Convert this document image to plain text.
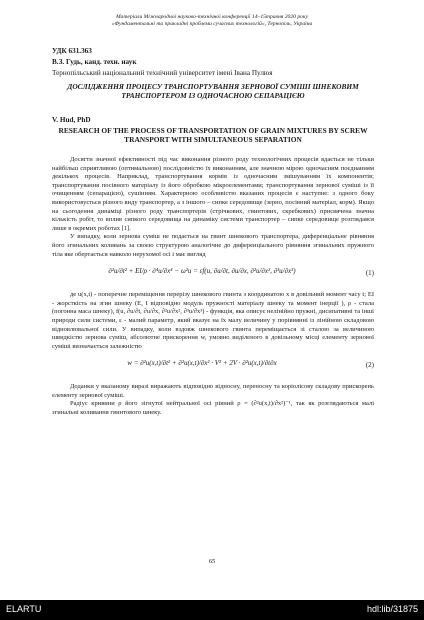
Матеріали Міжнародної науково-технічної конференції 14–15травня 2020 року
«Фундаментальні та прикладні проблеми сучасних технологій», Тернопіль, Україна
УДК 631.363
В.З. Гудь, канд. техн. наук
Тернопільський національний технічний університет імені Івана Пулюя
ДОСЛІДЖЕННЯ ПРОЦЕСУ ТРАНСПОРТУВАННЯ ЗЕРНОВОЇ СУМІШІ ШНЕКОВИМ ТРАНСПОРТЕРОМ ІЗ ОДНОЧАСНОЮ СЕПАРАЦІЄЮ
V. Hud, PhD
RESEARCH OF THE PROCESS OF TRANSPORTATION OF GRAIN MIXTURES BY SCREW TRANSPORT WITH SIMULTANEOUS SEPARATION

Досягти значної ефективності під час виконання різного роду технологічних процесів вдається не тільки найбільш сприятливою (оптимальною) послідовністю їх виконанням, але значною мірою одночасним поєднанням декількох процесів. Наприклад, транспортування кормів із одночасним змішуванням їх компонентів; транспортування посівного матеріалу із його обробкою мікроелементами; транспортування зернової суміші із її очищенням (сепарацією), сушінням. Характерною особливістю вказаних процесів є наступне: з одного боку використовується різного виду транспортер, а з іншого – сипке середовище (зерно, посівний матеріал, корм). Якщо на сьогодення динаміці різного роду транспортерів (стрічкових, гвинтових, скребкових) присвячена значна кількість робіт, то вплив сипкого середовища на динаміку системи транспортер – сипке середовище розглядався лише в окремих роботах [1].

У випадку, коли зернова суміш не подається на гвинт шнекового транспортера, диференціальне рівняння його згинальних коливань за своєю структурою аналогічне до диференціального рівняння згинальних пружного тіла яке обертається навколо нерухомої осі і має вигляд

∂²u/∂t² + EI/ρ · ∂⁴u/∂x⁴ − ω²u = εf(u, ∂u/∂t, ∂u/∂x, ∂²u/∂x², ∂³u/∂x³)	(1)

де u(x,t) - поперечне переміщення перерізу шнекового гвинта з координатою x в довільний момент часу t; EI - жорсткість на згин шнеку (E, I відповідно модуль пружності матеріалу шнеку та момент інерції ), ρ - стала (погонна маса шнеку), f(u, ∂u/∂t, ∂u/∂x, ∂²u/∂x², ∂³u/∂x³) - функція, яка описує нелінійно пружні, дисипативні та інші природи сили системи, ε - малий параметр, який вказує на їх малу величину у порівнянні із лінійною складовою відновлювальної сили. У випадку, коли вздовж шнекового гвинта переміщається зі сталою за величиною швидкістю зернова суміш, абсолютне прискорення w, умовно виділеного в довільному місці елементу зернової суміші визначається залежністю

w = ∂²u(x,t)/∂t² + ∂²u(x,t)/∂x² · V² + 2V · ∂²u(x,t)/∂t∂x	(2)

Доданки у вказаному виразі виражають відповідно відносну, переносну та коріолісову складову прискорень елементу зернової суміші.

Радіус кривини ρ його зігнутої нейтральної осі рівний ρ = (∂²u(x,t)/∂x²)⁻¹, так як розглядаються малі згинальні коливання гвинтового шнеку.

65
ELARTU	hdl:lib/31875
